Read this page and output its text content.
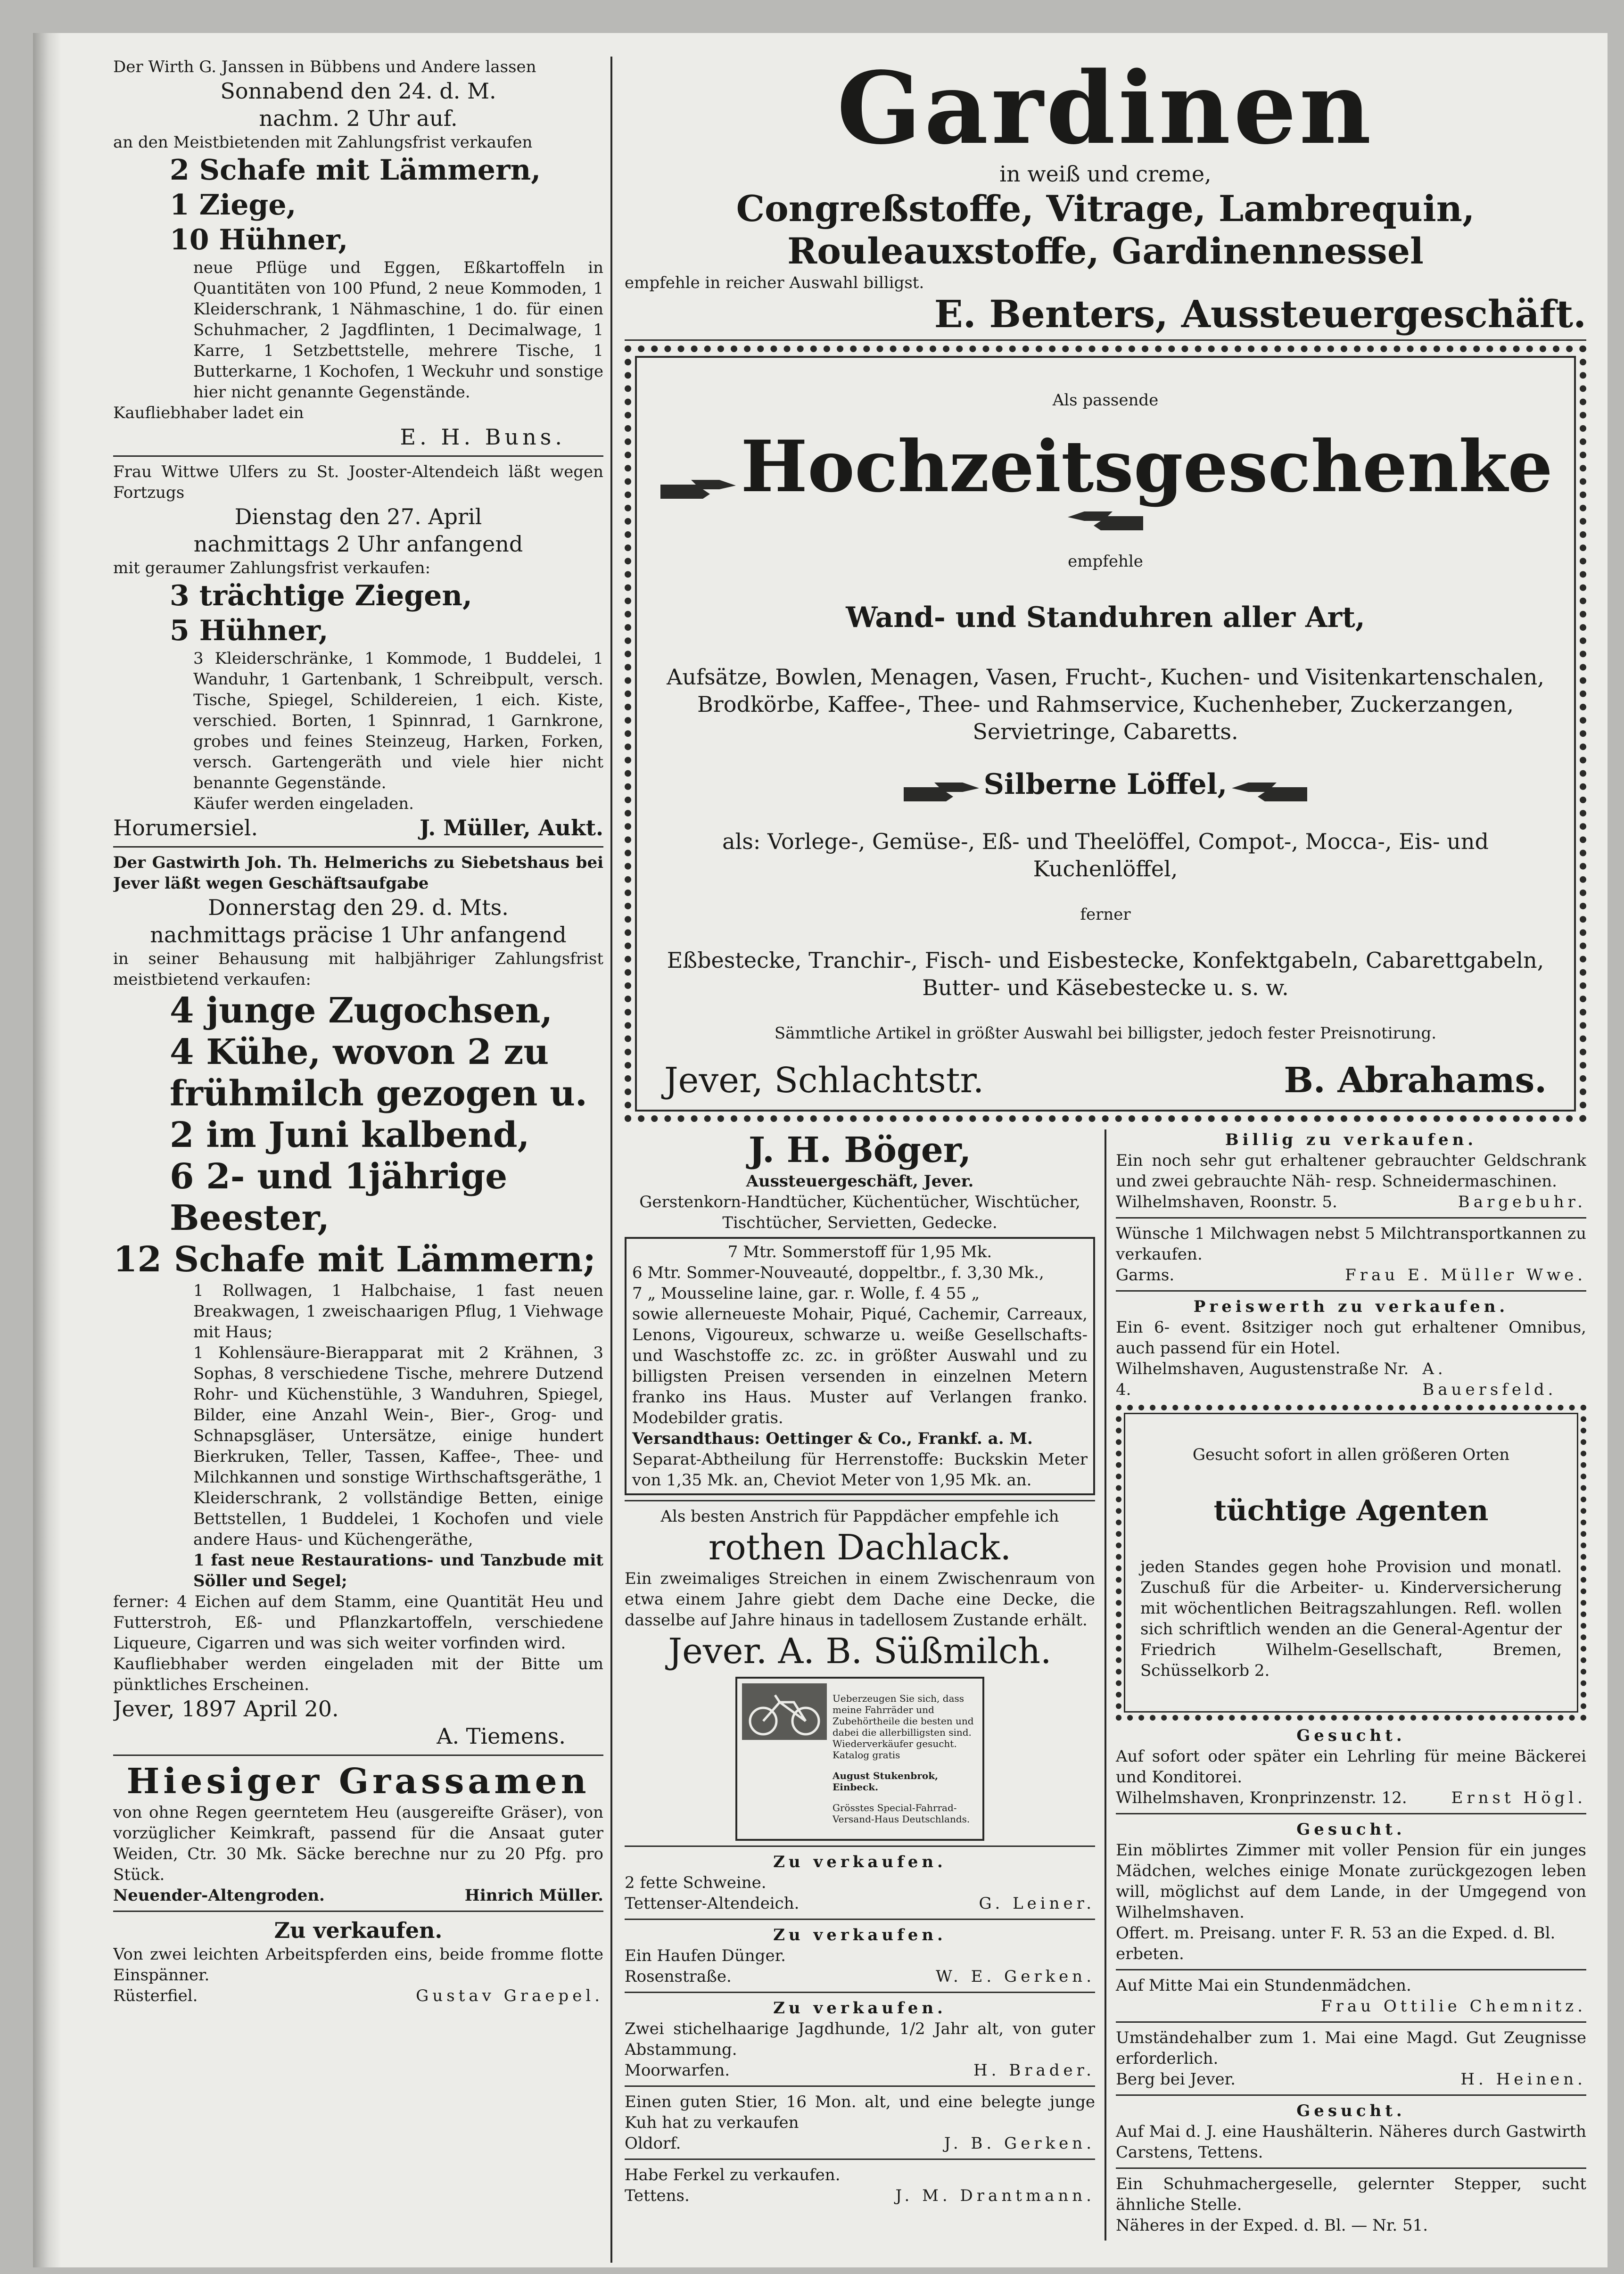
Der Wirth G. Janssen in Bübbens und Andere lassen

Sonnabend den 24. d. M.

nachm. 2 Uhr auf.

an den Meistbietenden mit Zahlungsfrist verkaufen

2 Schafe mit Lämmern,

1 Ziege,

10 Hühner,

neue Pflüge und Eggen, Eßkartoffeln in Quantitäten von 100 Pfund, 2 neue Kommoden, 1 Kleiderschrank, 1 Nähmaschine, 1 do. für einen Schuhmacher, 2 Jagdflinten, 1 Decimalwage, 1 Karre, 1 Setzbettstelle, mehrere Tische, 1 Butterkarne, 1 Kochofen, 1 Weckuhr und sonstige hier nicht genannte Gegenstände.

Kaufliebhaber ladet ein

E. H. Buns.

Frau Wittwe Ulfers zu St. Jooster-Altendeich läßt wegen Fortzugs

Dienstag den 27. April

nachmittags 2 Uhr anfangend

mit geraumer Zahlungsfrist verkaufen:

3 trächtige Ziegen,

5 Hühner,

3 Kleiderschränke, 1 Kommode, 1 Buddelei, 1 Wanduhr, 1 Gartenbank, 1 Schreibpult, versch. Tische, Spiegel, Schildereien, 1 eich. Kiste, verschied. Borten, 1 Spinnrad, 1 Garnkrone, grobes und feines Steinzeug, Harken, Forken, versch. Gartengeräth und viele hier nicht benannte Gegenstände.

Käufer werden eingeladen.

Horumersiel.	J. Müller, Aukt.

Der Gastwirth Joh. Th. Helmerichs zu Siebetshaus bei Jever läßt wegen Geschäftsaufgabe

Donnerstag den 29. d. Mts.

nachmittags präcise 1 Uhr anfangend

in seiner Behausung mit halbjähriger Zahlungsfrist meistbietend verkaufen:

4 junge Zugochsen,

4 Kühe, wovon 2 zu frühmilch gezogen u. 2 im Juni kalbend,

6 2- und 1jährige Beester,

12 Schafe mit Lämmern;

1 Rollwagen, 1 Halbchaise, 1 fast neuen Breakwagen, 1 zweischaarigen Pflug, 1 Viehwage mit Haus;

1 Kohlensäure-Bierapparat mit 2 Krähnen, 3 Sophas, 8 verschiedene Tische, mehrere Dutzend Rohr- und Küchenstühle, 3 Wanduhren, Spiegel, Bilder, eine Anzahl Wein-, Bier-, Grog- und Schnapsgläser, Untersätze, einige hundert Bierkruken, Teller, Tassen, Kaffee-, Thee- und Milchkannen und sonstige Wirthschaftsgeräthe, 1 Kleiderschrank, 2 vollständige Betten, einige Bettstellen, 1 Buddelei, 1 Kochofen und viele andere Haus- und Küchengeräthe,

1 fast neue Restaurations- und Tanzbude mit Söller und Segel;

ferner: 4 Eichen auf dem Stamm, eine Quantität Heu und Futterstroh, Eß- und Pflanzkartoffeln, verschiedene Liqueure, Cigarren und was sich weiter vorfinden wird.

Kaufliebhaber werden eingeladen mit der Bitte um pünktliches Erscheinen.

Jever, 1897 April 20.

A. Tiemens.

Hiesiger Grassamen

von ohne Regen geerntetem Heu (ausgereifte Gräser), von vorzüglicher Keimkraft, passend für die Ansaat guter Weiden, Ctr. 30 Mk. Säcke berechne nur zu 20 Pfg. pro Stück.

Neuender-Altengroden.	Hinrich Müller.

Zu verkaufen.

Von zwei leichten Arbeitspferden eins, beide fromme flotte Einspänner.

Rüsterfiel.	Gustav Graepel.

Gardinen

in weiß und creme,

Congreßstoffe, Vitrage, Lambrequin, Rouleauxstoffe, Gardinennessel

empfehle in reicher Auswahl billigst.

E. Benters, Aussteuergeschäft.

Als passende

Hochzeitsgeschenke

empfehle

Wand- und Standuhren aller Art,

Aufsätze, Bowlen, Menagen, Vasen, Frucht-, Kuchen- und Visitenkartenschalen, Brodkörbe, Kaffee-, Thee- und Rahmservice, Kuchenheber, Zuckerzangen, Servietringe, Cabaretts.

Silberne Löffel,

als: Vorlege-, Gemüse-, Eß- und Theelöffel, Compot-, Mocca-, Eis- und Kuchenlöffel,

ferner

Eßbestecke, Tranchir-, Fisch- und Eisbestecke, Konfektgabeln, Cabarettgabeln, Butter- und Käsebestecke u. s. w.

Sämmtliche Artikel in größter Auswahl bei billigster, jedoch fester Preisnotirung.

Jever, Schlachtstr.	B. Abrahams.

J. H. Böger,

Aussteuergeschäft, Jever.

Gerstenkorn-Handtücher, Küchentücher, Wischtücher, Tischtücher, Servietten, Gedecke.

7 Mtr. Sommerstoff für 1,95 Mk.

6 Mtr. Sommer-Nouveauté, doppeltbr., f. 3,30 Mk.,

7 „ Mousseline laine, gar. r. Wolle, f. 4 55 „

sowie allerneueste Mohair, Piqué, Cachemir, Carreaux, Lenons, Vigoureux, schwarze u. weiße Gesellschafts- und Waschstoffe zc. zc. in größter Auswahl und zu billigsten Preisen versenden in einzelnen Metern franko ins Haus. Muster auf Verlangen franko. Modebilder gratis.

Versandthaus: Oettinger & Co., Frankf. a. M.

Separat-Abtheilung für Herrenstoffe: Buckskin Meter von 1,35 Mk. an, Cheviot Meter von 1,95 Mk. an.

Als besten Anstrich für Pappdächer empfehle ich

rothen Dachlack.

Ein zweimaliges Streichen in einem Zwischenraum von etwa einem Jahre giebt dem Dache eine Decke, die dasselbe auf Jahre hinaus in tadellosem Zustande erhält.

Jever. A. B. Süßmilch.

Ueberzeugen Sie sich, dass meine Fahrräder und Zubehörtheile die besten und dabei die allerbilligsten sind. Wiederverkäufer gesucht. Katalog gratis

August Stukenbrok, Einbeck.

Grösstes Special-Fahrrad-Versand-Haus Deutschlands.

Zu verkaufen.

2 fette Schweine.

Tettenser-Altendeich.	G. Leiner.

Zu verkaufen.

Ein Haufen Dünger.

Rosenstraße.	W. E. Gerken.

Zu verkaufen.

Zwei stichelhaarige Jagdhunde, 1/2 Jahr alt, von guter Abstammung.

Moorwarfen.	H. Brader.

Einen guten Stier, 16 Mon. alt, und eine belegte junge Kuh hat zu verkaufen

Oldorf.	J. B. Gerken.

Habe Ferkel zu verkaufen.

Tettens.	J. M. Drantmann.

Billig zu verkaufen.

Ein noch sehr gut erhaltener gebrauchter Geldschrank und zwei gebrauchte Näh- resp. Schneidermaschinen.

Wilhelmshaven, Roonstr. 5.	Bargebuhr.

Wünsche 1 Milchwagen nebst 5 Milchtransportkannen zu verkaufen.

Garms.	Frau E. Müller Wwe.

Preiswerth zu verkaufen.

Ein 6- event. 8sitziger noch gut erhaltener Omnibus, auch passend für ein Hotel.

Wilhelmshaven, Augustenstraße Nr. 4.
A. Bauersfeld.

Gesucht sofort in allen größeren Orten

tüchtige Agenten

jeden Standes gegen hohe Provision und monatl. Zuschuß für die Arbeiter- u. Kinderversicherung mit wöchentlichen Beitragszahlungen. Refl. wollen sich schriftlich wenden an die General-Agentur der Friedrich Wilhelm-Gesellschaft, Bremen, Schüsselkorb 2.

Gesucht.

Auf sofort oder später ein Lehrling für meine Bäckerei und Konditorei.

Wilhelmshaven, Kronprinzenstr. 12.	Ernst Högl.

Gesucht.

Ein möblirtes Zimmer mit voller Pension für ein junges Mädchen, welches einige Monate zurückgezogen leben will, möglichst auf dem Lande, in der Umgegend von Wilhelmshaven.

Offert. m. Preisang. unter F. R. 53 an die Exped. d. Bl. erbeten.

Auf Mitte Mai ein Stundenmädchen.

Frau Ottilie Chemnitz.

Umständehalber zum 1. Mai eine Magd. Gut Zeugnisse erforderlich.

Berg bei Jever.	H. Heinen.

Gesucht.

Auf Mai d. J. eine Haushälterin. Näheres durch Gastwirth Carstens, Tettens.

Ein Schuhmachergeselle, gelernter Stepper, sucht ähnliche Stelle.

Näheres in der Exped. d. Bl. — Nr. 51.
